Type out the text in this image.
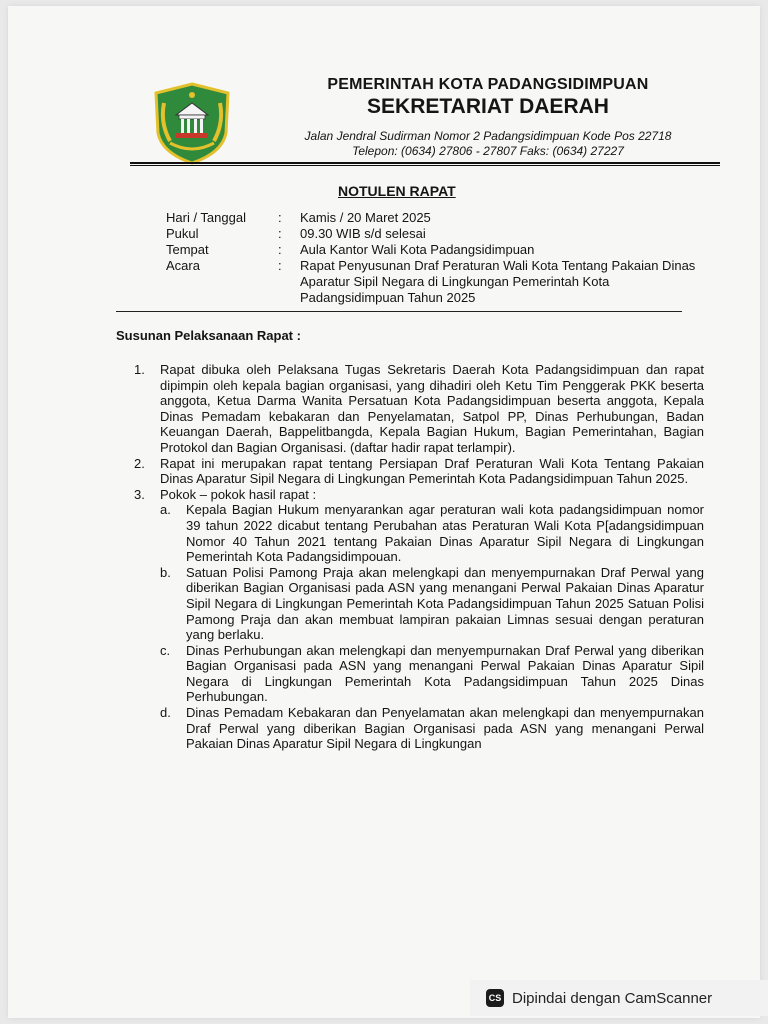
PEMERINTAH KOTA PADANGSIDIMPUAN
SEKRETARIAT DAERAH
Jalan Jendral Sudirman Nomor 2 Padangsidimpuan Kode Pos 22718
Telepon: (0634) 27806 - 27807 Faks: (0634) 27227
NOTULEN RAPAT
Hari / Tanggal	:	Kamis / 20 Maret 2025
Pukul	:	09.30 WIB s/d selesai
Tempat	:	Aula Kantor Wali Kota Padangsidimpuan
Acara	:	Rapat Penyusunan Draf Peraturan Wali Kota Tentang Pakaian Dinas Aparatur Sipil Negara di Lingkungan Pemerintah Kota Padangsidimpuan Tahun 2025
Susunan Pelaksanaan Rapat :
1.	Rapat dibuka oleh Pelaksana Tugas Sekretaris Daerah Kota Padangsidimpuan dan rapat dipimpin oleh kepala bagian organisasi, yang dihadiri oleh Ketu Tim Penggerak PKK beserta anggota, Ketua Darma Wanita Persatuan Kota Padangsidimpuan beserta anggota, Kepala Dinas Pemadam kebakaran dan Penyelamatan, Satpol PP, Dinas Perhubungan, Badan Keuangan Daerah, Bappelitbangda, Kepala Bagian Hukum, Bagian Pemerintahan, Bagian Protokol dan Bagian Organisasi. (daftar hadir rapat terlampir).
2.	Rapat ini merupakan rapat tentang Persiapan Draf Peraturan Wali Kota Tentang Pakaian Dinas Aparatur Sipil Negara di Lingkungan Pemerintah Kota Padangsidimpuan Tahun 2025.
3.	Pokok – pokok hasil rapat :
a.	Kepala Bagian Hukum menyarankan agar peraturan wali kota padangsidimpuan nomor 39 tahun 2022 dicabut tentang Perubahan atas Peraturan Wali Kota P[adangsidimpuan Nomor 40 Tahun 2021 tentang Pakaian Dinas Aparatur Sipil Negara di Lingkungan Pemerintah Kota Padangsidimpouan.
b.	Satuan Polisi Pamong Praja akan melengkapi dan menyempurnakan Draf Perwal yang diberikan Bagian Organisasi pada ASN yang menangani Perwal Pakaian Dinas Aparatur Sipil Negara di Lingkungan Pemerintah Kota Padangsidimpuan Tahun 2025 Satuan Polisi Pamong Praja dan akan membuat lampiran pakaian Limnas sesuai dengan peraturan yang berlaku.
c.	Dinas Perhubungan akan melengkapi dan menyempurnakan Draf Perwal yang diberikan Bagian Organisasi pada ASN yang menangani Perwal Pakaian Dinas Aparatur Sipil Negara di Lingkungan Pemerintah Kota Padangsidimpuan Tahun 2025 Dinas Perhubungan.
d.	Dinas Pemadam Kebakaran dan Penyelamatan akan melengkapi dan menyempurnakan Draf Perwal yang diberikan Bagian Organisasi pada ASN yang menangani Perwal Pakaian Dinas Aparatur Sipil Negara di Lingkungan
CS Dipindai dengan CamScanner
